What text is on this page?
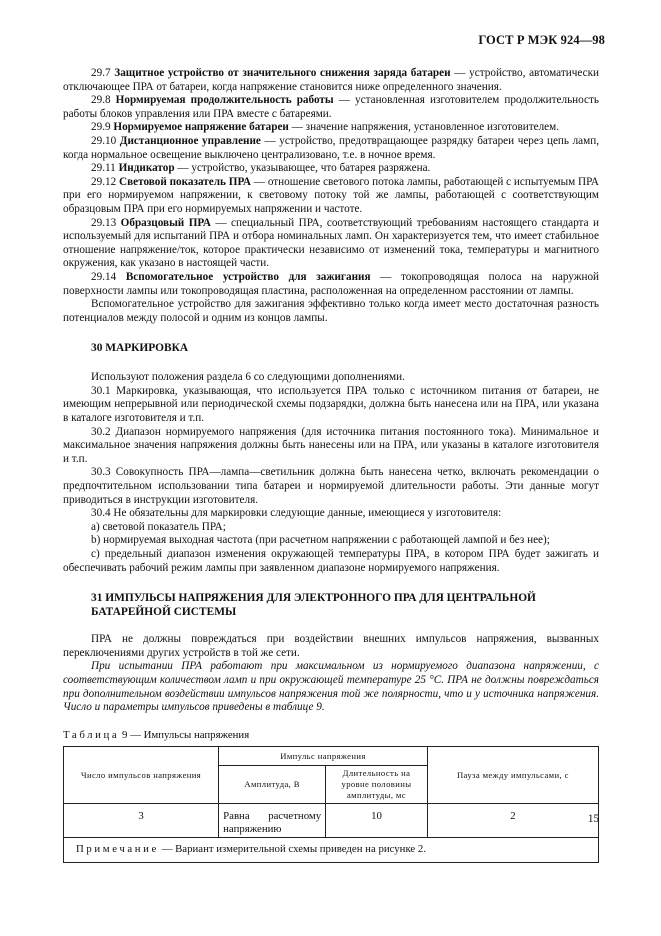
ГОСТ Р МЭК 924—98

29.7 Защитное устройство от значительного снижения заряда батареи — устройство, автоматически отключающее ПРА от батареи, когда напряжение становится ниже определенного значения.

29.8 Нормируемая продолжительность работы — установленная изготовителем продолжительность работы блоков управления или ПРА вместе с батареями.

29.9 Нормируемое напряжение батареи — значение напряжения, установленное изготовителем.

29.10 Дистанционное управление — устройство, предотвращающее разрядку батареи через цепь ламп, когда нормальное освещение выключено централизовано, т.е. в ночное время.

29.11 Индикатор — устройство, указывающее, что батарея разряжена.

29.12 Световой показатель ПРА — отношение светового потока лампы, работающей с испытуемым ПРА при его нормируемом напряжении, к световому потоку той же лампы, работающей с соответствующим образцовым ПРА при его нормируемых напряжении и частоте.

29.13 Образцовый ПРА — специальный ПРА, соответствующий требованиям настоящего стандарта и используемый для испытаний ПРА и отбора номинальных ламп. Он характеризуется тем, что имеет стабильное отношение напряжение/ток, которое практически независимо от изменений тока, температуры и магнитного окружения, как указано в настоящей части.

29.14 Вспомогательное устройство для зажигания — токопроводящая полоса на наружной поверхности лампы или токопроводящая пластина, расположенная на определенном расстоянии от лампы.

Вспомогательное устройство для зажигания эффективно только когда имеет место достаточная разность потенциалов между полосой и одним из концов лампы.

30 МАРКИРОВКА

Используют положения раздела 6 со следующими дополнениями.

30.1 Маркировка, указывающая, что используется ПРА только с источником питания от батареи, не имеющим непрерывной или периодической схемы подзарядки, должна быть нанесена или на ПРА, или указана в каталоге изготовителя и т.п.

30.2 Диапазон нормируемого напряжения (для источника питания постоянного тока). Минимальное и максимальное значения напряжения должны быть нанесены или на ПРА, или указаны в каталоге изготовителя и т.п.

30.3 Совокупность ПРА—лампа—светильник должна быть нанесена четко, включать рекомендации о предпочтительном использовании типа батареи и нормируемой длительности работы. Эти данные могут приводиться в инструкции изготовителя.

30.4 Не обязательны для маркировки следующие данные, имеющиеся у изготовителя:

а) световой показатель ПРА;

b) нормируемая выходная частота (при расчетном напряжении с работающей лампой и без нее);

c) предельный диапазон изменения окружающей температуры ПРА, в котором ПРА будет зажигать и обеспечивать рабочий режим лампы при заявленном диапазоне нормируемого напряжения.

31 ИМПУЛЬСЫ НАПРЯЖЕНИЯ ДЛЯ ЭЛЕКТРОННОГО ПРА ДЛЯ ЦЕНТРАЛЬНОЙ
БАТАРЕЙНОЙ СИСТЕМЫ

ПРА не должны повреждаться при воздействии внешних импульсов напряжения, вызванных переключениями других устройств в той же сети.

При испытании ПРА работают при максимальном из нормируемого диапазона напряжении, с соответствующим количеством ламп и при окружающей температуре 25 °С. ПРА не должны повреждаться при дополнительном воздействии импульсов напряжения той же полярности, что и у источника напряжения. Число и параметры импульсов приведены в таблице 9.

Таблица 9 — Импульсы напряжения

Число импульсов напряжения	Импульс напряжения		Пауза между импульсами, с
	Амплитуда, В	Длительность на уровне половины амплитуды, мс	
3	Равна расчетному напряжению	10	2
Примечание — Вариант измерительной схемы приведен на рисунке 2.			
15
